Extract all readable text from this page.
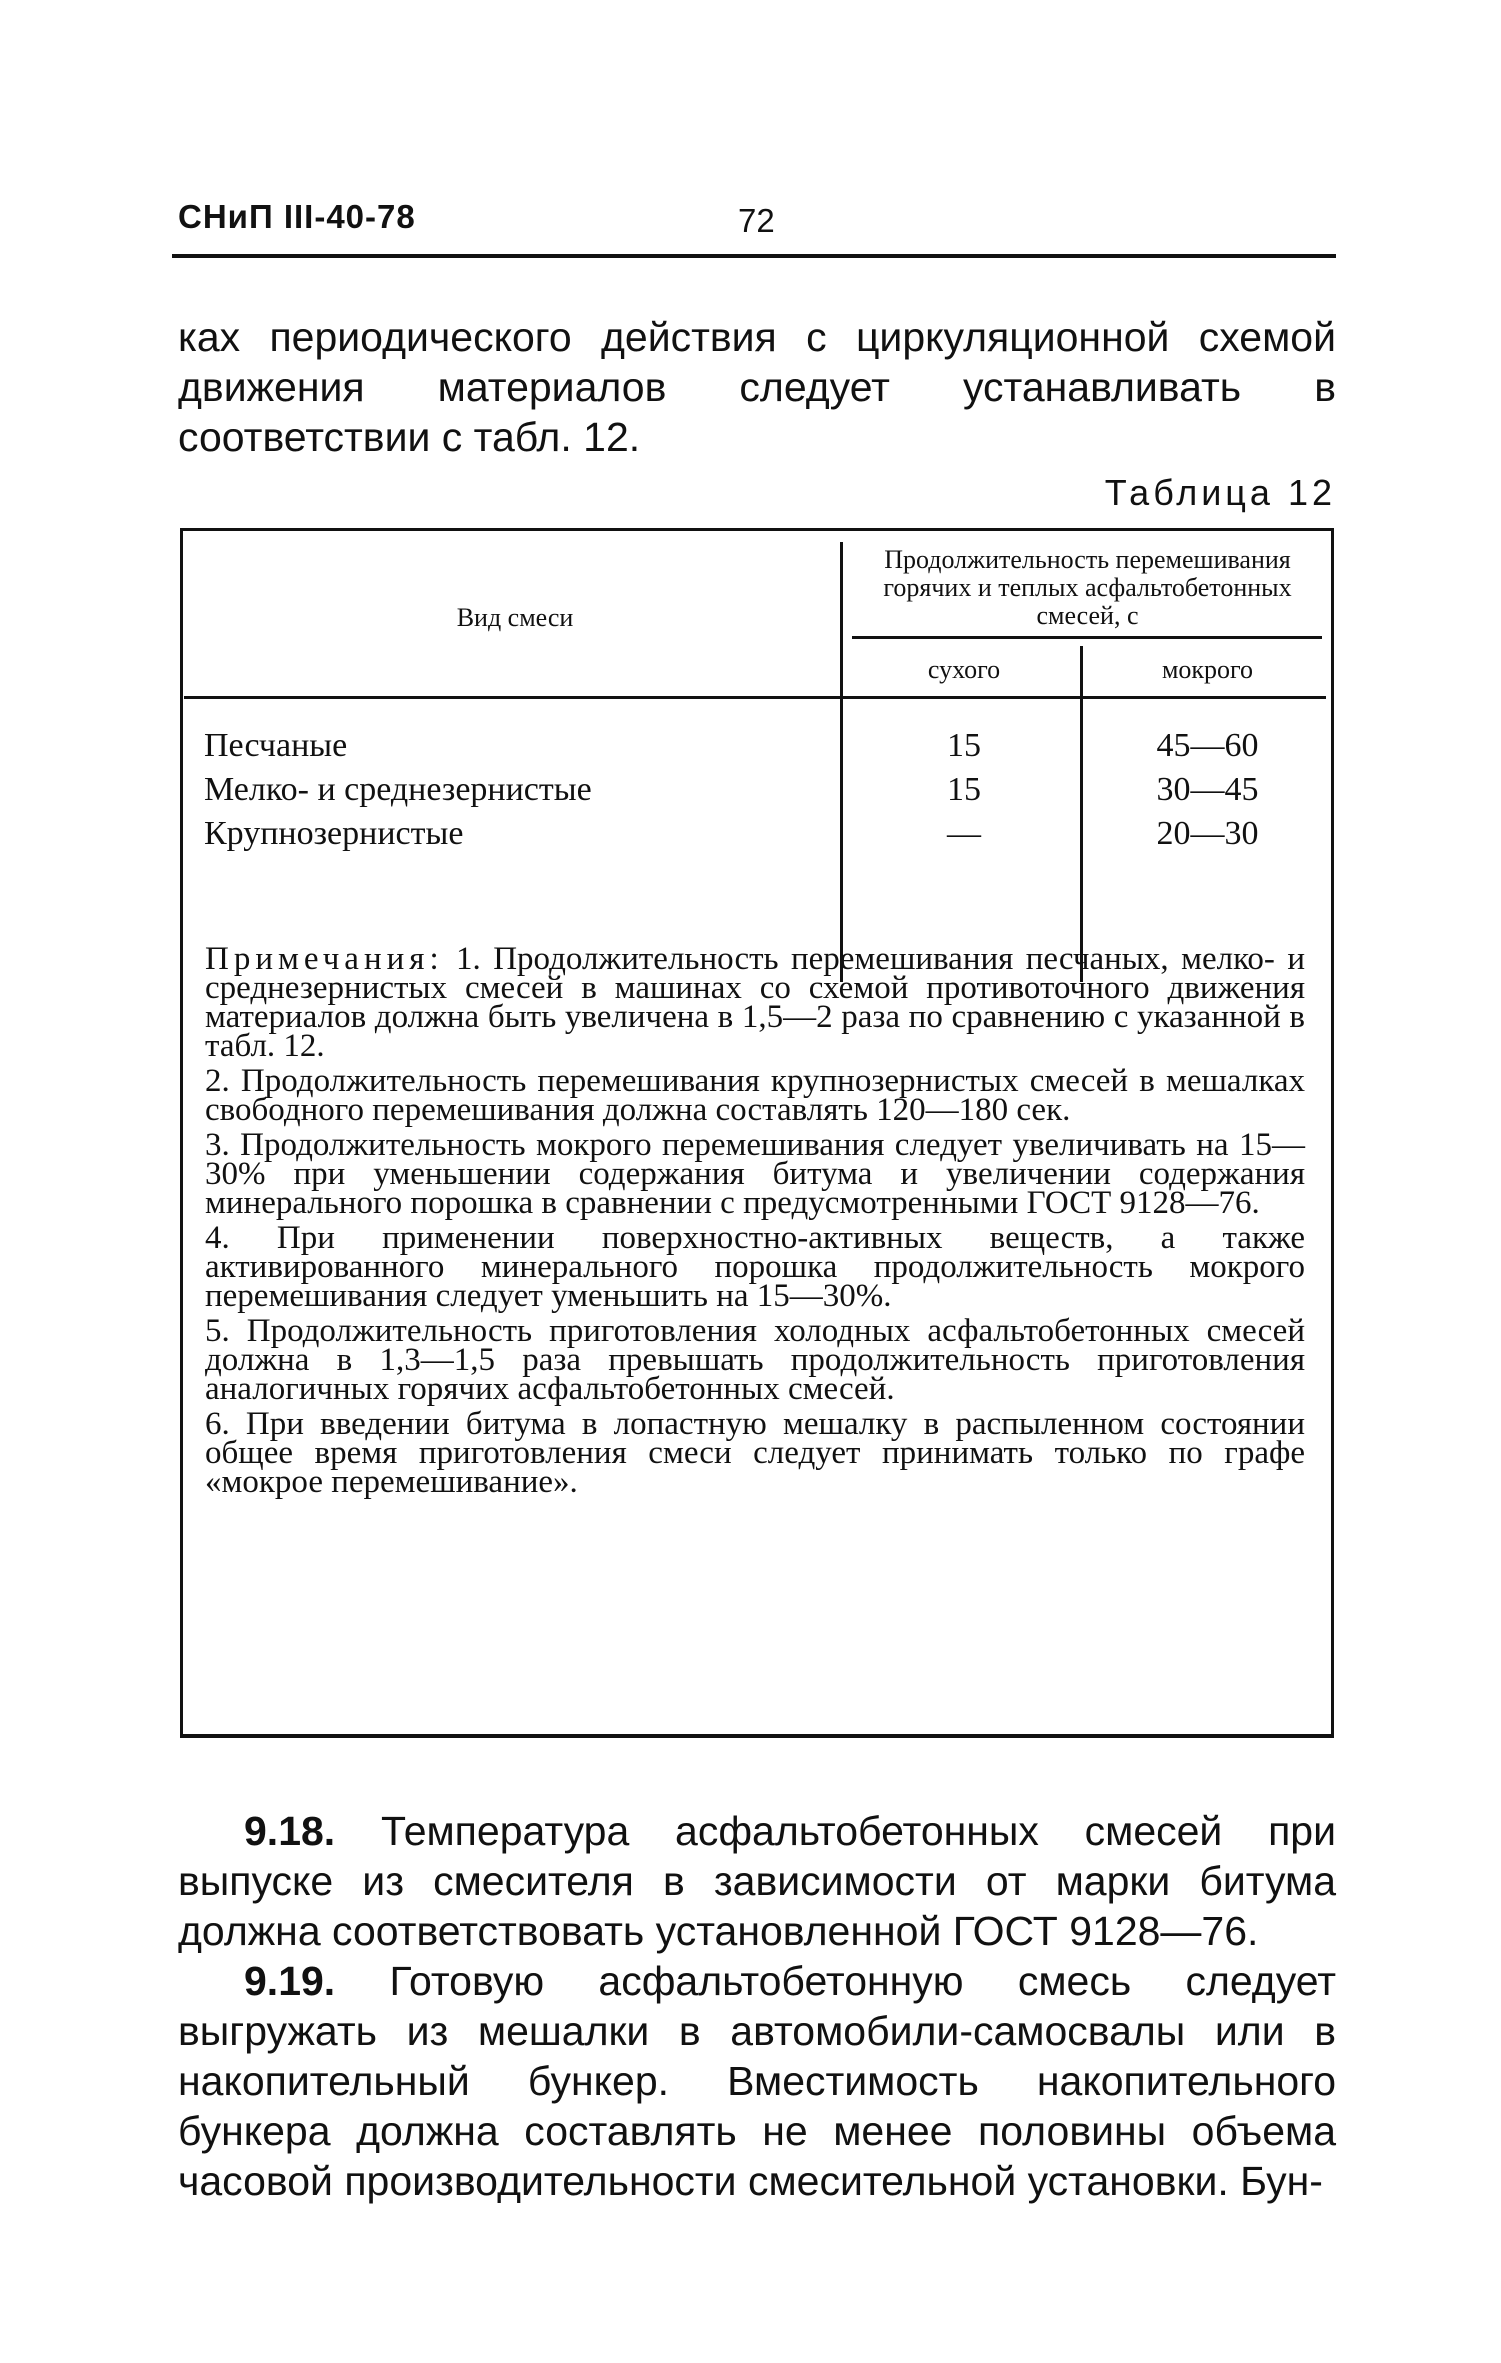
СНиП III-40-78	72
ках периодического действия с циркуляционной схемой движения материалов следует устанавливать в соответствии с табл. 12.
Таблица 12
Вид смеси
Продолжительность перемешивания горячих и теплых асфальтобетонных смесей, с
сухого	мокрого
Песчаные	15	45—60
Мелко- и среднезернистые	15	30—45
Крупнозернистые	—	20—30

Примечания: 1. Продолжительность перемешивания песчаных, мелко- и среднезернистых смесей в машинах со схемой противоточного движения материалов должна быть увеличена в 1,5—2 раза по сравнению с указанной в табл. 12.

2. Продолжительность перемешивания крупнозернистых смесей в мешалках свободного перемешивания должна составлять 120—180 сек.

3. Продолжительность мокрого перемешивания следует увеличивать на 15—30% при уменьшении содержания битума и увеличении содержания минерального порошка в сравнении с предусмотренными ГОСТ 9128—76.

4. При применении поверхностно-активных веществ, а также активированного минерального порошка продолжительность мокрого перемешивания следует уменьшить на 15—30%.

5. Продолжительность приготовления холодных асфальтобетонных смесей должна в 1,3—1,5 раза превышать продолжительность приготовления аналогичных горячих асфальтобетонных смесей.

6. При введении битума в лопастную мешалку в распыленном состоянии общее время приготовления смеси следует принимать только по графе «мокрое перемешивание».

9.18. Температура асфальтобетонных смесей при выпуске из смесителя в зависимости от марки битума должна соответствовать установленной ГОСТ 9128—76.

9.19. Готовую асфальтобетонную смесь следует выгружать из мешалки в автомобили-самосвалы или в накопительный бункер. Вместимость накопительного бункера должна составлять не менее половины объема часовой производительности смесительной установки. Бун-
